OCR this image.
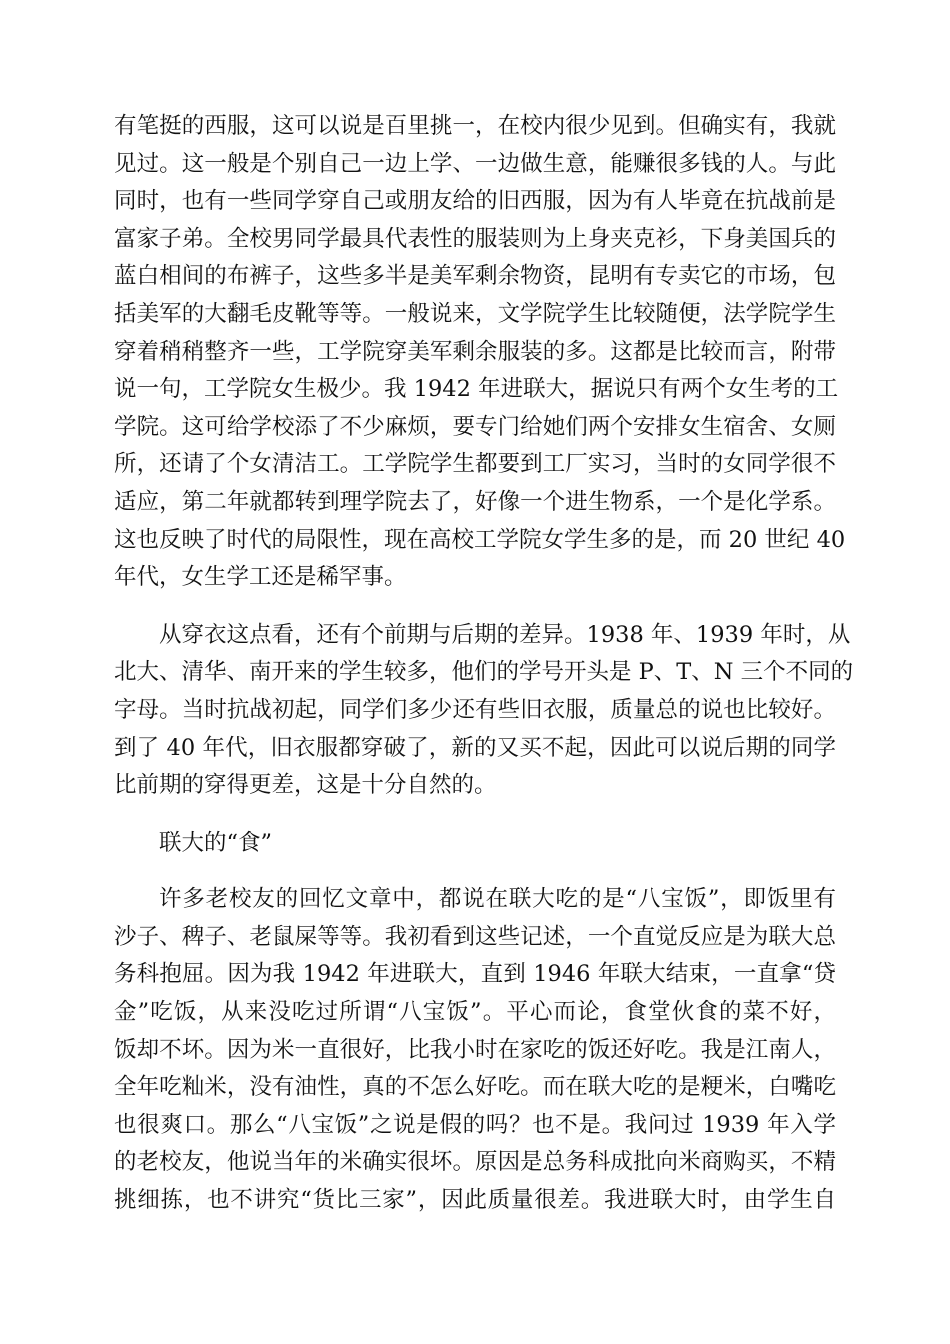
有笔挺的西服，这可以说是百里挑一，在校内很少见到。但确实有，我就
见过。这一般是个别自己一边上学、一边做生意，能赚很多钱的人。与此
同时，也有一些同学穿自己或朋友给的旧西服，因为有人毕竟在抗战前是
富家子弟。全校男同学最具代表性的服装则为上身夹克衫，下身美国兵的
蓝白相间的布裤子，这些多半是美军剩余物资，昆明有专卖它的市场，包
括美军的大翻毛皮靴等等。一般说来，文学院学生比较随便，法学院学生
穿着稍稍整齐一些，工学院穿美军剩余服装的多。这都是比较而言，附带
说一句，工学院女生极少。我 1942 年进联大，据说只有两个女生考的工
学院。这可给学校添了不少麻烦，要专门给她们两个安排女生宿舍、女厕
所，还请了个女清洁工。工学院学生都要到工厂实习，当时的女同学很不
适应，第二年就都转到理学院去了，好像一个进生物系，一个是化学系。
这也反映了时代的局限性，现在高校工学院女学生多的是，而 20 世纪 40
年代，女生学工还是稀罕事。
从穿衣这点看，还有个前期与后期的差异。1938 年、1939 年时，从
北大、清华、南开来的学生较多，他们的学号开头是 P、T、N 三个不同的
字母。当时抗战初起，同学们多少还有些旧衣服，质量总的说也比较好。
到了 40 年代，旧衣服都穿破了，新的又买不起，因此可以说后期的同学
比前期的穿得更差，这是十分自然的。
联大的“食”
许多老校友的回忆文章中，都说在联大吃的是“八宝饭”，即饭里有
沙子、稗子、老鼠屎等等。我初看到这些记述，一个直觉反应是为联大总
务科抱屈。因为我 1942 年进联大，直到 1946 年联大结束，一直拿“贷
金”吃饭，从来没吃过所谓“八宝饭”。平心而论，食堂伙食的菜不好，
饭却不坏。因为米一直很好，比我小时在家吃的饭还好吃。我是江南人，
全年吃籼米，没有油性，真的不怎么好吃。而在联大吃的是粳米，白嘴吃
也很爽口。那么“八宝饭”之说是假的吗？也不是。我问过 1939 年入学
的老校友，他说当年的米确实很坏。原因是总务科成批向米商购买，不精
挑细拣，也不讲究“货比三家”，因此质量很差。我进联大时，由学生自
